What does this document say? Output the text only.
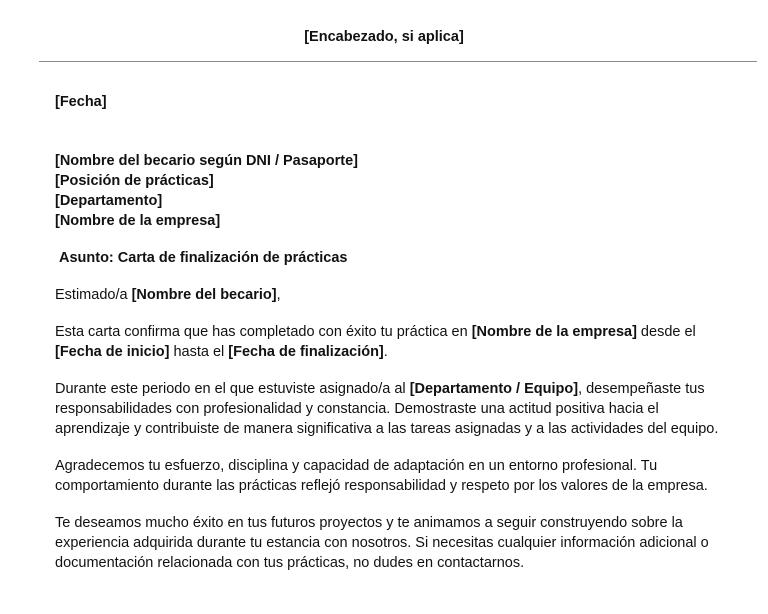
[Encabezado, si aplica]
[Fecha]
[Nombre del becario según DNI / Pasaporte]
[Posición de prácticas]
[Departamento]
[Nombre de la empresa]
Asunto: Carta de finalización de prácticas
Estimado/a [Nombre del becario],
Esta carta confirma que has completado con éxito tu práctica en [Nombre de la empresa] desde el
[Fecha de inicio] hasta el [Fecha de finalización].
Durante este periodo en el que estuviste asignado/a al [Departamento / Equipo], desempeñaste tus responsabilidades con profesionalidad y constancia. Demostraste una actitud positiva hacia el aprendizaje y contribuiste de manera significativa a las tareas asignadas y a las actividades del equipo.
Agradecemos tu esfuerzo, disciplina y capacidad de adaptación en un entorno profesional. Tu comportamiento durante las prácticas reflejó responsabilidad y respeto por los valores de la empresa.
Te deseamos mucho éxito en tus futuros proyectos y te animamos a seguir construyendo sobre la experiencia adquirida durante tu estancia con nosotros. Si necesitas cualquier información adicional o documentación relacionada con tus prácticas, no dudes en contactarnos.
